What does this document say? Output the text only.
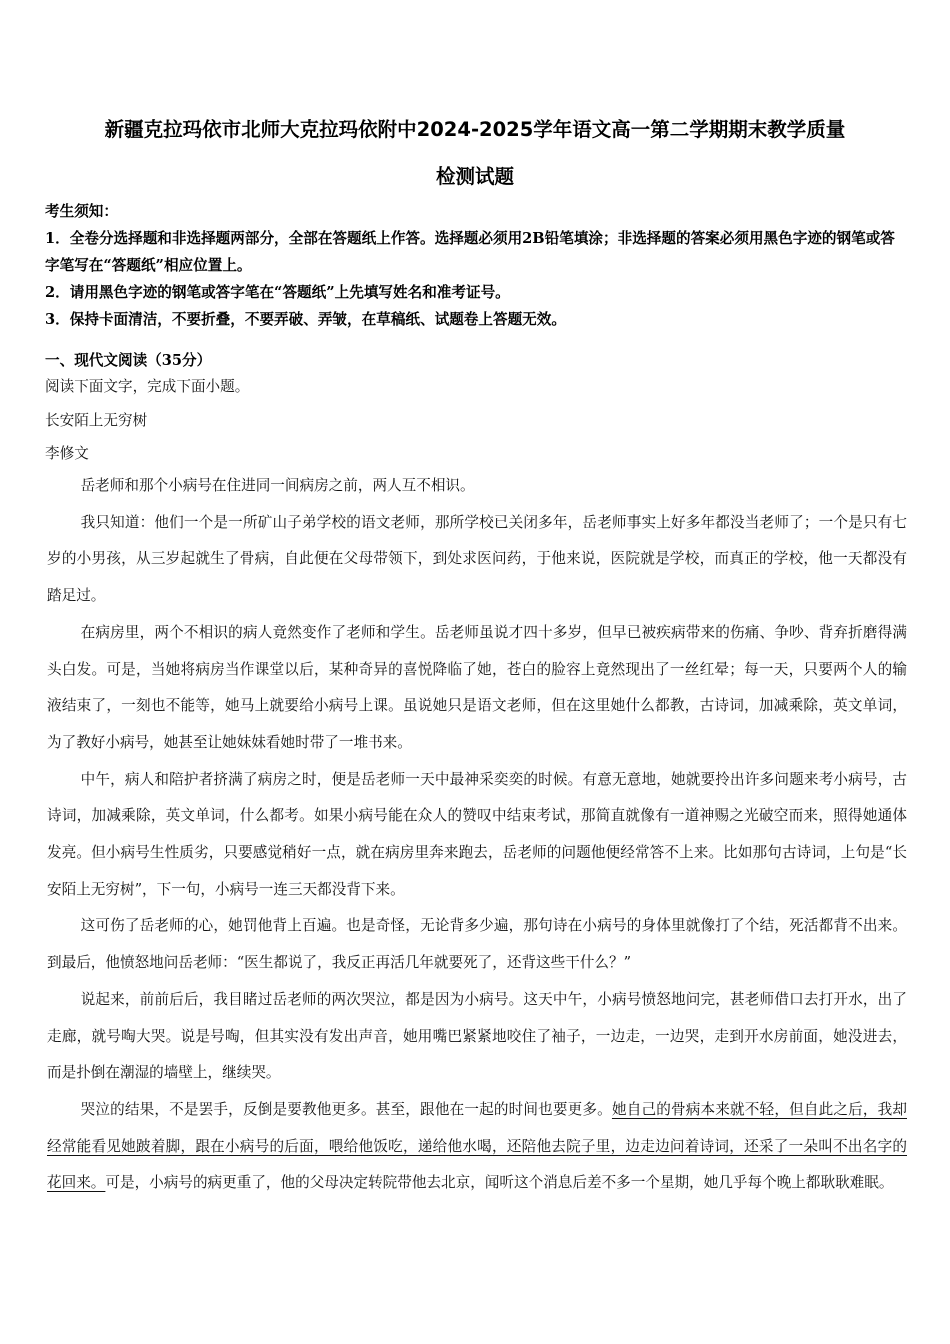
新疆克拉玛依市北师大克拉玛依附中2024-2025学年语文高一第二学期期末教学质量
检测试题

考生须知：

1．全卷分选择题和非选择题两部分，全部在答题纸上作答。选择题必须用2B铅笔填涂；非选择题的答案必须用黑色字迹的钢笔或答字笔写在“答题纸”相应位置上。

2．请用黑色字迹的钢笔或答字笔在“答题纸”上先填写姓名和准考证号。

3．保持卡面清洁，不要折叠，不要弄破、弄皱，在草稿纸、试题卷上答题无效。

一、现代文阅读（35分）
阅读下面文字，完成下面小题。
长安陌上无穷树
李修文

岳老师和那个小病号在住进同一间病房之前，两人互不相识。

我只知道：他们一个是一所矿山子弟学校的语文老师，那所学校已关闭多年，岳老师事实上好多年都没当老师了；一个是只有七岁的小男孩，从三岁起就生了骨病，自此便在父母带领下，到处求医问药，于他来说，医院就是学校，而真正的学校，他一天都没有踏足过。

在病房里，两个不相识的病人竟然变作了老师和学生。岳老师虽说才四十多岁，但早已被疾病带来的伤痛、争吵、背弃折磨得满头白发。可是，当她将病房当作课堂以后，某种奇异的喜悦降临了她，苍白的脸容上竟然现出了一丝红晕；每一天，只要两个人的输液结束了，一刻也不能等，她马上就要给小病号上课。虽说她只是语文老师，但在这里她什么都教，古诗词，加减乘除，英文单词，为了教好小病号，她甚至让她妹妹看她时带了一堆书来。

中午，病人和陪护者挤满了病房之时，便是岳老师一天中最神采奕奕的时候。有意无意地，她就要拎出许多问题来考小病号，古诗词，加减乘除，英文单词，什么都考。如果小病号能在众人的赞叹中结束考试，那简直就像有一道神赐之光破空而来，照得她通体发亮。但小病号生性质劣，只要感觉稍好一点，就在病房里奔来跑去，岳老师的问题他便经常答不上来。比如那句古诗词，上句是“长安陌上无穷树”，下一句，小病号一连三天都没背下来。

这可伤了岳老师的心，她罚他背上百遍。也是奇怪，无论背多少遍，那句诗在小病号的身体里就像打了个结，死活都背不出来。到最后，他愤怒地问岳老师：“医生都说了，我反正再活几年就要死了，还背这些干什么？”

说起来，前前后后，我目睹过岳老师的两次哭泣，都是因为小病号。这天中午，小病号愤怒地问完，甚老师借口去打开水，出了走廊，就号啕大哭。说是号啕，但其实没有发出声音，她用嘴巴紧紧地咬住了袖子，一边走，一边哭，走到开水房前面，她没进去，而是扑倒在潮湿的墙壁上，继续哭。

哭泣的结果，不是罢手，反倒是要教他更多。甚至，跟他在一起的时间也要更多。她自己的骨病本来就不轻，但自此之后，我却经常能看见她跛着脚，跟在小病号的后面，喂给他饭吃，递给他水喝，还陪他去院子里，边走边问着诗词，还采了一朵叫不出名字的花回来。可是，小病号的病更重了，他的父母决定转院带他去北京，闻听这个消息后差不多一个星期，她几乎每个晚上都耿耿难眠。
